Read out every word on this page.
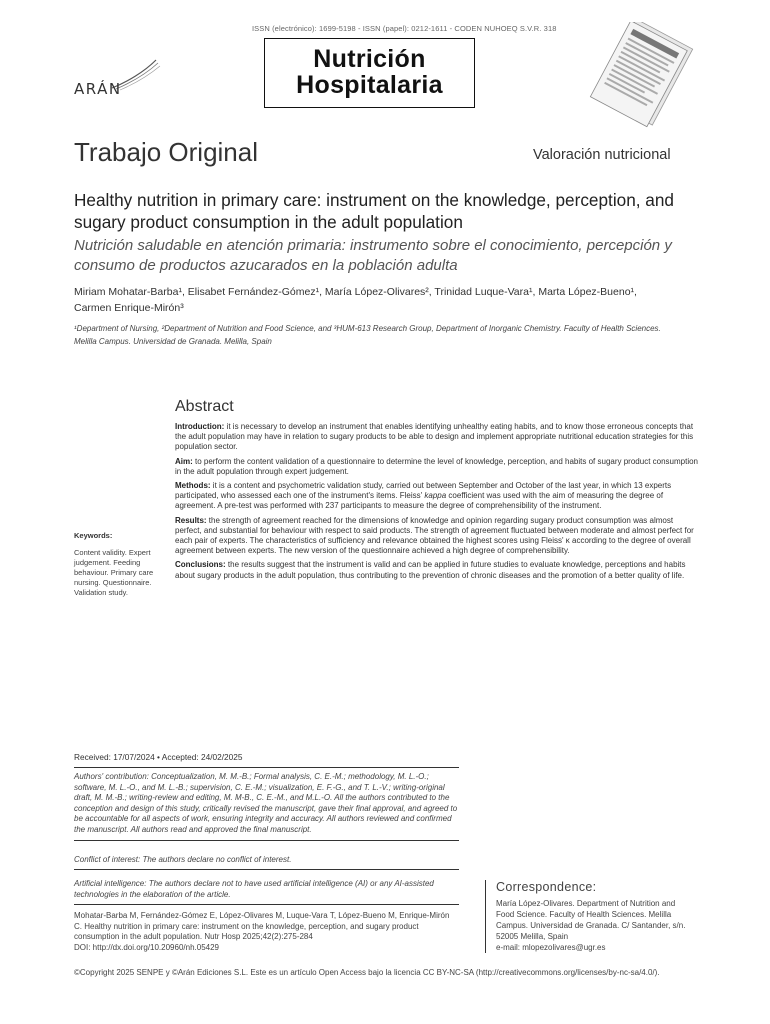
ISSN (electrónico): 1699-5198 - ISSN (papel): 0212-1611 - CODEN NUHOEQ S.V.R. 318
Nutrición
Hospitalaria
ARÁN
Trabajo Original	Valoración nutricional
Healthy nutrition in primary care: instrument on the knowledge, perception, and sugary product consumption in the adult population
Nutrición saludable en atención primaria: instrumento sobre el conocimiento, percepción y consumo de productos azucarados en la población adulta
Miriam Mohatar-Barba¹, Elisabet Fernández-Gómez¹, María López-Olivares², Trinidad Luque-Vara¹, Marta López-Bueno¹,
Carmen Enrique-Mirón³
¹Department of Nursing, ²Department of Nutrition and Food Science, and ³HUM-613 Research Group, Department of Inorganic Chemistry. Faculty of Health Sciences.
Melilla Campus. Universidad de Granada. Melilla, Spain
Abstract

Introduction: it is necessary to develop an instrument that enables identifying unhealthy eating habits, and to know those erroneous concepts that the adult population may have in relation to sugary products to be able to design and implement appropriate nutritional education strategies for this population sector.

Aim: to perform the content validation of a questionnaire to determine the level of knowledge, perception, and habits of sugary product consumption in the adult population through expert judgement.

Methods: it is a content and psychometric validation study, carried out between September and October of the last year, in which 13 experts participated, who assessed each one of the instrument's items. Fleiss' kappa coefficient was used with the aim of measuring the degree of agreement. A pre-test was performed with 237 participants to measure the degree of comprehensibility of the instrument.

Results: the strength of agreement reached for the dimensions of knowledge and opinion regarding sugary product consumption was almost perfect, and substantial for behaviour with respect to said products. The strength of agreement fluctuated between moderate and almost perfect for each pair of experts. The characteristics of sufficiency and relevance obtained the highest scores using Fleiss' κ according to the degree of overall agreement between experts. The new version of the questionnaire achieved a high degree of comprehensibility.

Conclusions: the results suggest that the instrument is valid and can be applied in future studies to evaluate knowledge, perceptions and habits about sugary products in the adult population, thus contributing to the prevention of chronic diseases and the promotion of a better quality of life.

Keywords:
Content validity. Expert judgement. Feeding behaviour. Primary care nursing. Questionnaire. Validation study.
Received: 17/07/2024 • Accepted: 24/02/2025
Authors' contribution: Conceptualization, M. M.-B.; Formal analysis, C. E.-M.; methodology, M. L.-O.; software, M. L.-O., and M. L.-B.; supervision, C. E.-M.; visualization, E. F.-G., and T. L.-V.; writing-original draft, M. M.-B.; writing-review and editing, M. M-B., C. E.-M., and M.L.-O. All the authors contributed to the conception and design of this study, critically revised the manuscript, gave their final approval, and agreed to be accountable for all aspects of work, ensuring integrity and accuracy. All authors reviewed and confirmed the manuscript. All authors read and approved the final manuscript.
Conflict of interest: The authors declare no conflict of interest.
Artificial intelligence: The authors declare not to have used artificial intelligence (AI) or any AI-assisted technologies in the elaboration of the article.
Mohatar-Barba M, Fernández-Gómez E, López-Olivares M, Luque-Vara T, López-Bueno M, Enrique-Mirón C. Healthy nutrition in primary care: instrument on the knowledge, perception, and sugary product consumption in the adult population. Nutr Hosp 2025;42(2):275-284
DOI: http://dx.doi.org/10.20960/nh.05429
Correspondence:
María López-Olivares. Department of Nutrition and
Food Science. Faculty of Health Sciences. Melilla
Campus. Universidad de Granada. C/ Santander, s/n.
52005 Melilla, Spain
e-mail: mlopezolivares@ugr.es
©Copyright 2025 SENPE y ©Arán Ediciones S.L. Este es un artículo Open Access bajo la licencia CC BY-NC-SA (http://creativecommons.org/licenses/by-nc-sa/4.0/).
